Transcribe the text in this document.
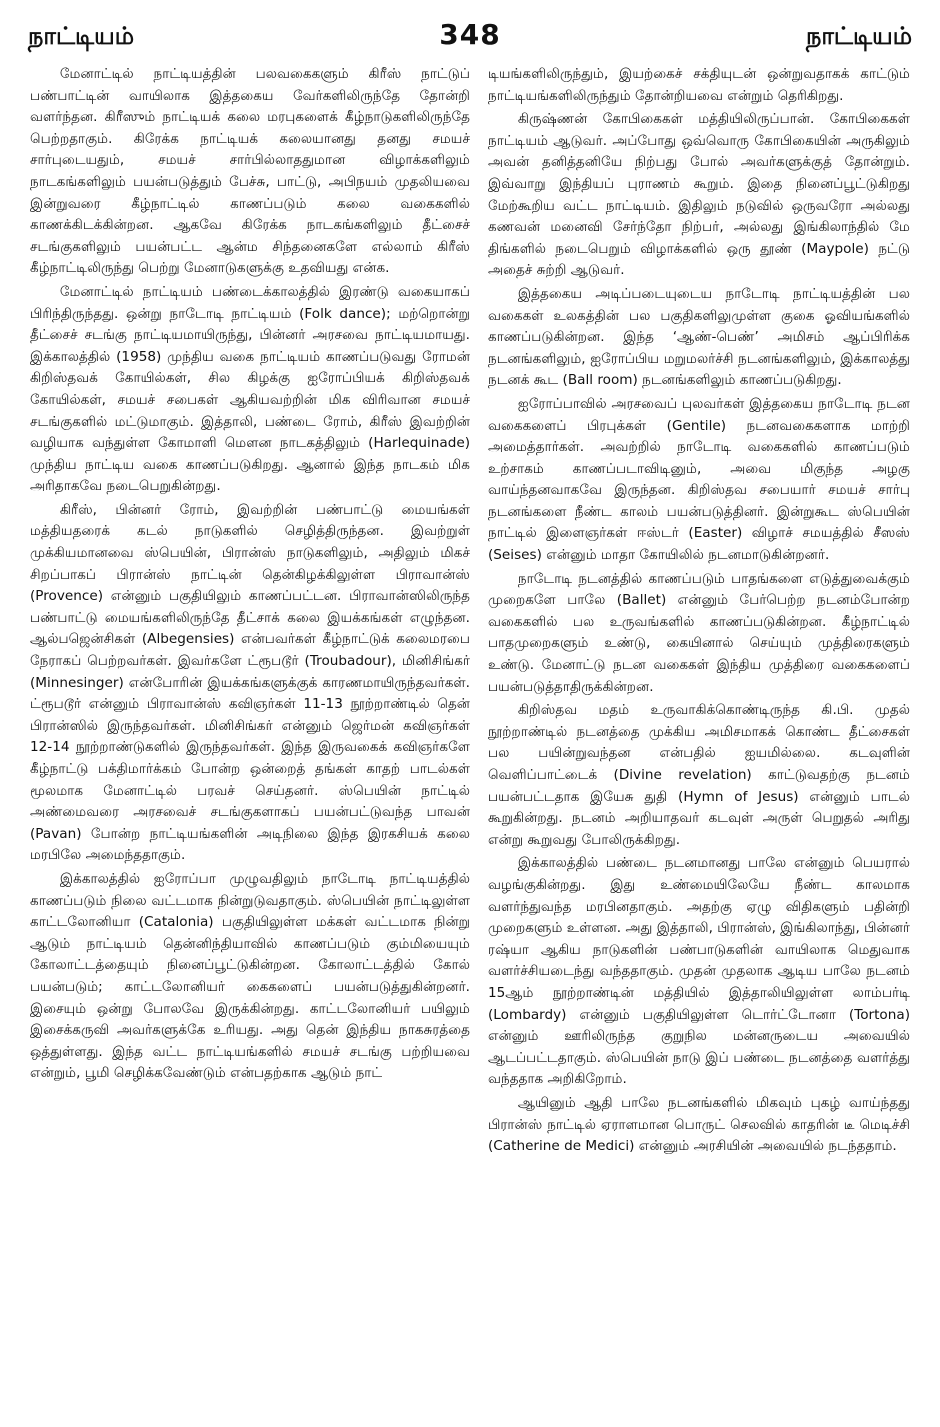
நாட்டியம்	348	நாட்டியம்

மேனாட்டில் நாட்டியத்தின் பலவகைகளும் கிரீஸ் நாட்டுப் பண்பாட்டின் வாயிலாக இத்தகைய வேர்களிலிருந்தே தோன்றி வளர்ந்தன. கிரீஸும் நாட்டியக் கலை மரபுகளைக் கீழ்நாடுகளிலிருந்தே பெற்றதாகும். கிரேக்க நாட்டியக் கலையானது தனது சமயச் சார்புடையதும், சமயச் சார்பில்லாததுமான விழாக்களிலும் நாடகங்களிலும் பயன்படுத்தும் பேச்சு, பாட்டு, அபிநயம் முதலியவை இன்றுவரை கீழ்நாட்டில் காணப்படும் கலை வகைகளில் காணக்கிடக்கின்றன. ஆகவே கிரேக்க நாடகங்களிலும் தீட்சைச் சடங்குகளிலும் பயன்பட்ட ஆன்ம சிந்தனைகளே எல்லாம் கிரீஸ் கீழ்நாட்டிலிருந்து பெற்று மேனாடுகளுக்கு உதவியது என்க.

மேனாட்டில் நாட்டியம் பண்டைக்காலத்தில் இரண்டு வகையாகப் பிரிந்திருந்தது. ஒன்று நாடோடி நாட்டியம் (Folk dance); மற்றொன்று தீட்சைச் சடங்கு நாட்டியமாயிருந்து, பின்னர் அரசவை நாட்டியமாயது. இக்காலத்தில் (1958) முந்திய வகை நாட்டியம் காணப்படுவது ரோமன் கிறிஸ்தவக் கோயில்கள், சில கிழக்கு ஐரோப்பியக் கிறிஸ்தவக் கோயில்கள், சமயச் சபைகள் ஆகியவற்றின் மிக விரிவான சமயச் சடங்குகளில் மட்டுமாகும். இத்தாலி, பண்டை ரோம், கிரீஸ் இவற்றின் வழியாக வந்துள்ள கோமாளி மௌன நாடகத்திலும் (Harlequinade) முந்திய நாட்டிய வகை காணப்படுகிறது. ஆனால் இந்த நாடகம் மிக அரிதாகவே நடைபெறுகின்றது.

கிரீஸ், பின்னர் ரோம், இவற்றின் பண்பாட்டு மையங்கள் மத்தியதரைக் கடல் நாடுகளில் செழித்திருந்தன. இவற்றுள் முக்கியமானவை ஸ்பெயின், பிரான்ஸ் நாடுகளிலும், அதிலும் மிகச் சிறப்பாகப் பிரான்ஸ் நாட்டின் தென்கிழக்கிலுள்ள பிராவான்ஸ் (Provence) என்னும் பகுதியிலும் காணப்பட்டன. பிராவான்ஸிலிருந்த பண்பாட்டு மையங்களிலிருந்தே தீட்சாக் கலை இயக்கங்கள் எழுந்தன. ஆல்பஜென்சிகள் (Albegensies) என்பவர்கள் கீழ்நாட்டுக் கலைமரபை நேராகப் பெற்றவர்கள். இவர்களே ட்ரூபடூர் (Troubadour), மினிசிங்கர் (Minnesinger) என்போரின் இயக்கங்களுக்குக் காரணமாயிருந்தவர்கள். ட்ரூபடூர் என்னும் பிராவான்ஸ் கவிஞர்கள் 11-13 நூற்றாண்டில் தென் பிரான்ஸில் இருந்தவர்கள். மினிசிங்கர் என்னும் ஜெர்மன் கவிஞர்கள் 12-14 நூற்றாண்டுகளில் இருந்தவர்கள். இந்த இருவகைக் கவிஞர்களே கீழ்நாட்டு பக்திமார்க்கம் போன்ற ஒன்றைத் தங்கள் காதற் பாடல்கள் மூலமாக மேனாட்டில் பரவச் செய்தனர். ஸ்பெயின் நாட்டில் அண்மைவரை அரசவைச் சடங்குகளாகப் பயன்பட்டுவந்த பாவன் (Pavan) போன்ற நாட்டியங்களின் அடிநிலை இந்த இரகசியக் கலை மரபிலே அமைந்ததாகும்.

இக்காலத்தில் ஐரோப்பா முழுவதிலும் நாடோடி நாட்டியத்தில் காணப்படும் நிலை வட்டமாக நின்றுடுவதாகும். ஸ்பெயின் நாட்டிலுள்ள காட்டலோனியா (Catalonia) பகுதியிலுள்ள மக்கள் வட்டமாக நின்று ஆடும் நாட்டியம் தென்னிந்தியாவில் காணப்படும் கும்மியையும் கோலாட்டத்தையும் நினைப்பூட்டுகின்றன. கோலாட்டத்தில் கோல் பயன்படும்; காட்டலோனியர் கைகளைப் பயன்படுத்துகின்றனர். இசையும் ஒன்று போலவே இருக்கின்றது. காட்டலோனியர் பயிலும் இசைக்கருவி அவர்களுக்கே உரியது. அது தென் இந்திய நாகசுரத்தை ஒத்துள்ளது. இந்த வட்ட நாட்டியங்களில் சமயச் சடங்கு பற்றியவை என்றும், பூமி செழிக்கவேண்டும் என்பதற்காக ஆடும் நாட்

டியங்களிலிருந்தும், இயற்கைச் சக்தியுடன் ஒன்றுவதாகக் காட்டும் நாட்டியங்களிலிருந்தும் தோன்றியவை என்றும் தெரிகிறது.

கிருஷ்ணன் கோபிகைகள் மத்தியிலிருப்பான். கோபிகைகள் நாட்டியம் ஆடுவர். அப்போது ஒவ்வொரு கோபிகையின் அருகிலும் அவன் தனித்தனியே நிற்பது போல் அவர்களுக்குத் தோன்றும். இவ்வாறு இந்தியப் புராணம் கூறும். இதை நினைப்பூட்டுகிறது மேற்கூறிய வட்ட நாட்டியம். இதிலும் நடுவில் ஒருவரோ அல்லது கணவன் மனைவி சேர்ந்தோ நிற்பர், அல்லது இங்கிலாந்தில் மே திங்களில் நடைபெறும் விழாக்களில் ஒரு தூண் (Maypole) நட்டு அதைச் சுற்றி ஆடுவர்.

இத்தகைய அடிப்படையுடைய நாடோடி நாட்டியத்தின் பல வகைகள் உலகத்தின் பல பகுதிகளிலுமுள்ள குகை ஓவியங்களில் காணப்படுகின்றன. இந்த ‘ஆண்-பெண்’ அமிசம் ஆப்பிரிக்க நடனங்களிலும், ஐரோப்பிய மறுமலர்ச்சி நடனங்களிலும், இக்காலத்து நடனக் கூட (Ball room) நடனங்களிலும் காணப்படுகிறது.

ஐரோப்பாவில் அரசவைப் புலவர்கள் இத்தகைய நாடோடி நடன வகைகளைப் பிரபுக்கள் (Gentile) நடனவகைகளாக மாற்றி அமைத்தார்கள். அவற்றில் நாடோடி வகைகளில் காணப்படும் உற்சாகம் காணப்படாவிடினும், அவை மிகுந்த அழகு வாய்ந்தனவாகவே இருந்தன. கிறிஸ்தவ சபையார் சமயச் சார்பு நடனங்களை நீண்ட காலம் பயன்படுத்தினர். இன்றுகூட ஸ்பெயின் நாட்டில் இளைஞர்கள் ஈஸ்டர் (Easter) விழாச் சமயத்தில் சீஸஸ் (Seises) என்னும் மாதா கோயிலில் நடனமாடுகின்றனர்.

நாடோடி நடனத்தில் காணப்படும் பாதங்களை எடுத்துவைக்கும் முறைகளே பாலே (Ballet) என்னும் பேர்பெற்ற நடனம்போன்ற வகைகளில் பல உருவங்களில் காணப்படுகின்றன. கீழ்நாட்டில் பாதமுறைகளும் உண்டு, கையினால் செய்யும் முத்திரைகளும் உண்டு. மேனாட்டு நடன வகைகள் இந்திய முத்திரை வகைகளைப் பயன்படுத்தாதிருக்கின்றன.

கிறிஸ்தவ மதம் உருவாகிக்கொண்டிருந்த கி.பி. முதல் நூற்றாண்டில் நடனத்தை முக்கிய அமிசமாகக் கொண்ட தீட்சைகள் பல பயின்றுவந்தன என்பதில் ஐயமில்லை. கடவுளின் வெளிப்பாட்டைக் (Divine revelation) காட்டுவதற்கு நடனம் பயன்பட்டதாக இயேசு துதி (Hymn of Jesus) என்னும் பாடல் கூறுகின்றது. நடனம் அறியாதவர் கடவுள் அருள் பெறுதல் அரிது என்று கூறுவது போலிருக்கிறது.

இக்காலத்தில் பண்டை நடனமானது பாலே என்னும் பெயரால் வழங்குகின்றது. இது உண்மையிலேயே நீண்ட காலமாக வளர்ந்துவந்த மரபினதாகும். அதற்கு ஏழு விதிகளும் பதின்றி முறைகளும் உள்ளன. அது இத்தாலி, பிரான்ஸ், இங்கிலாந்து, பின்னர் ரஷ்யா ஆகிய நாடுகளின் பண்பாடுகளின் வாயிலாக மெதுவாக வளர்ச்சியடைந்து வந்ததாகும். முதன் முதலாக ஆடிய பாலே நடனம் 15ஆம் நூற்றாண்டின் மத்தியில் இத்தாலியிலுள்ள லாம்பர்டி (Lombardy) என்னும் பகுதியிலுள்ள டொர்ட்டோனா (Tortona) என்னும் ஊரிலிருந்த குறுநில மன்னருடைய அவையில் ஆடப்பட்டதாகும். ஸ்பெயின் நாடு இப் பண்டை நடனத்தை வளர்த்து வந்ததாக அறிகிறோம்.

ஆயினும் ஆதி பாலே நடனங்களில் மிகவும் புகழ் வாய்ந்தது பிரான்ஸ் நாட்டில் ஏராளமான பொருட் செலவில் காதரின் டீ மெடிச்சி (Catherine de Medici) என்னும் அரசியின் அவையில் நடந்ததாம்.
